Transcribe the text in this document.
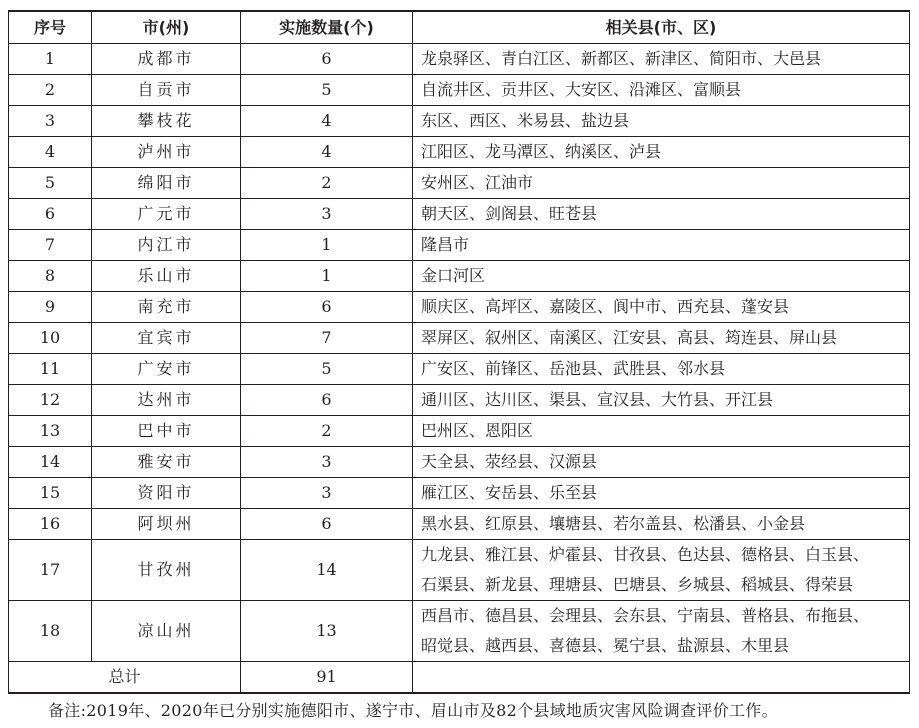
序号	市(州)	实施数量(个)	相关县(市、区)
1	成都市	6	龙泉驿区、青白江区、新都区、新津区、简阳市、大邑县
2	自贡市	5	自流井区、贡井区、大安区、沿滩区、富顺县
3	攀枝花	4	东区、西区、米易县、盐边县
4	泸州市	4	江阳区、龙马潭区、纳溪区、泸县
5	绵阳市	2	安州区、江油市
6	广元市	3	朝天区、剑阁县、旺苍县
7	内江市	1	隆昌市
8	乐山市	1	金口河区
9	南充市	6	顺庆区、高坪区、嘉陵区、阆中市、西充县、蓬安县
10	宜宾市	7	翠屏区、叙州区、南溪区、江安县、高县、筠连县、屏山县
11	广安市	5	广安区、前锋区、岳池县、武胜县、邻水县
12	达州市	6	通川区、达川区、渠县、宣汉县、大竹县、开江县
13	巴中市	2	巴州区、恩阳区
14	雅安市	3	天全县、荥经县、汉源县
15	资阳市	3	雁江区、安岳县、乐至县
16	阿坝州	6	黑水县、红原县、壤塘县、若尔盖县、松潘县、小金县
17	甘孜州	14	九龙县、雅江县、炉霍县、甘孜县、色达县、德格县、白玉县、
石渠县、新龙县、理塘县、巴塘县、乡城县、稻城县、得荣县

18	凉山州	13	西昌市、德昌县、会理县、会东县、宁南县、普格县、布拖县、
昭觉县、越西县、喜德县、冕宁县、盐源县、木里县

总计		91	
备注:2019年、2020年已分别实施德阳市、遂宁市、眉山市及82个县域地质灾害风险调查评价工作。
